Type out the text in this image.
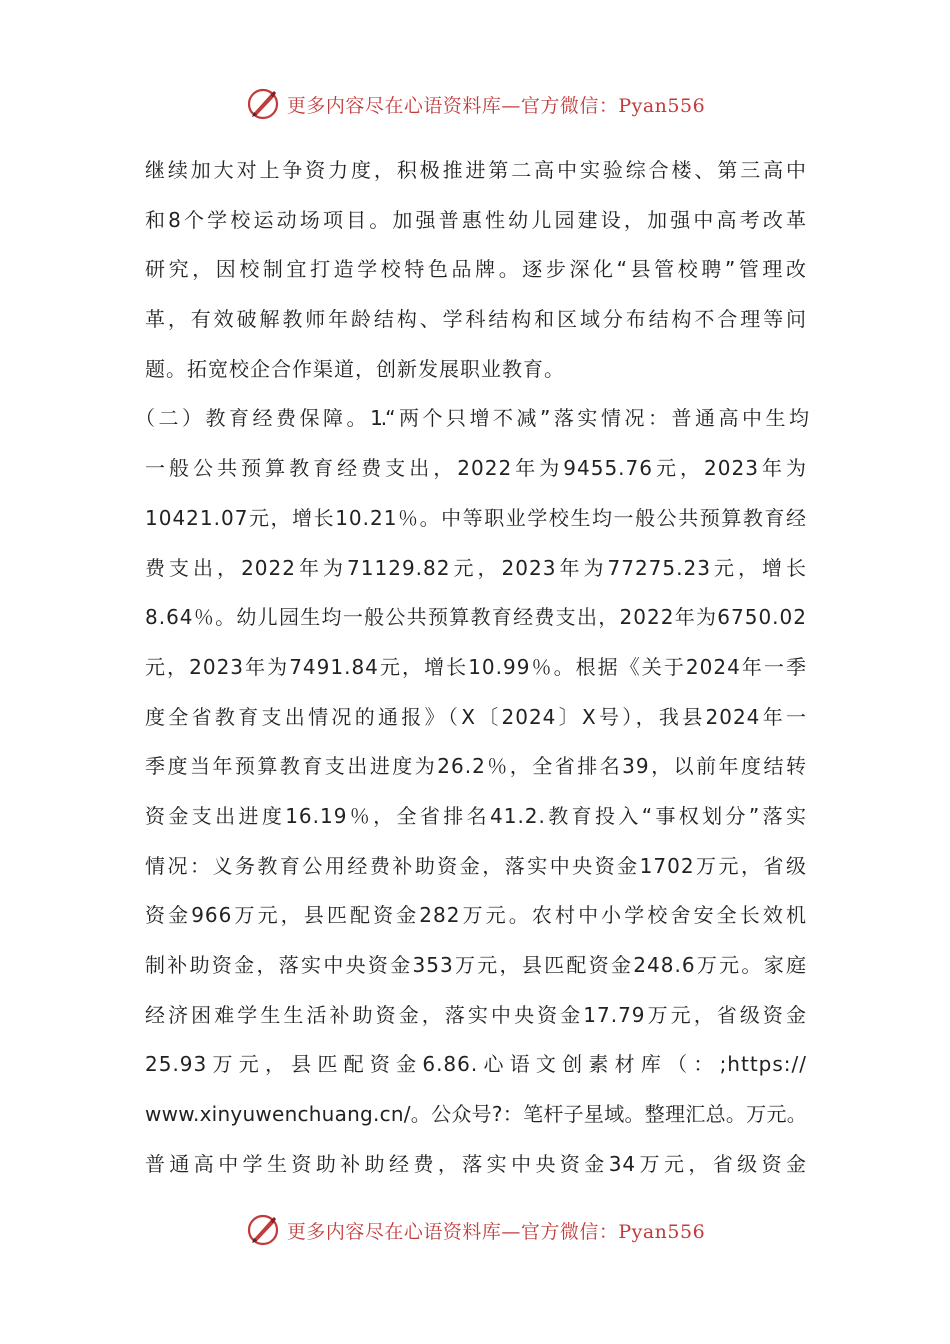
更多内容尽在心语资料库—官方微信：Pyan556
继续加大对上争资力度，积极推进第二高中实验综合楼、第三高中
和8个学校运动场项目。加强普惠性幼儿园建设，加强中高考改革
研究，因校制宜打造学校特色品牌。逐步深化“县管校聘”管理改
革，有效破解教师年龄结构、学科结构和区域分布结构不合理等问
题。拓宽校企合作渠道，创新发展职业教育。
（二）教育经费保障。1.“两个只增不减”落实情况：普通高中生均
一般公共预算教育经费支出，2022年为9455.76元，2023年为
10421.07元，增长10.21％。中等职业学校生均一般公共预算教育经
费支出，2022年为71129.82元，2023年为77275.23元，增长
8.64％。幼儿园生均一般公共预算教育经费支出，2022年为6750.02
元，2023年为7491.84元，增长10.99％。根据《关于2024年一季
度全省教育支出情况的通报》（X〔2024〕X号），我县2024年一
季度当年预算教育支出进度为26.2％，全省排名39，以前年度结转
资金支出进度16.19％，全省排名41.2.教育投入“事权划分”落实
情况：义务教育公用经费补助资金，落实中央资金1702万元，省级
资金966万元，县匹配资金282万元。农村中小学校舍安全长效机
制补助资金，落实中央资金353万元，县匹配资金248.6万元。家庭
经济困难学生生活补助资金，落实中央资金17.79万元，省级资金
25.93万元，县匹配资金6.86.心语文创素材库（：;https://
www.xinyuwenchuang.cn/。公众号?：笔杆子星域。整理汇总。万元。
普通高中学生资助补助经费，落实中央资金34万元，省级资金
更多内容尽在心语资料库—官方微信：Pyan556
